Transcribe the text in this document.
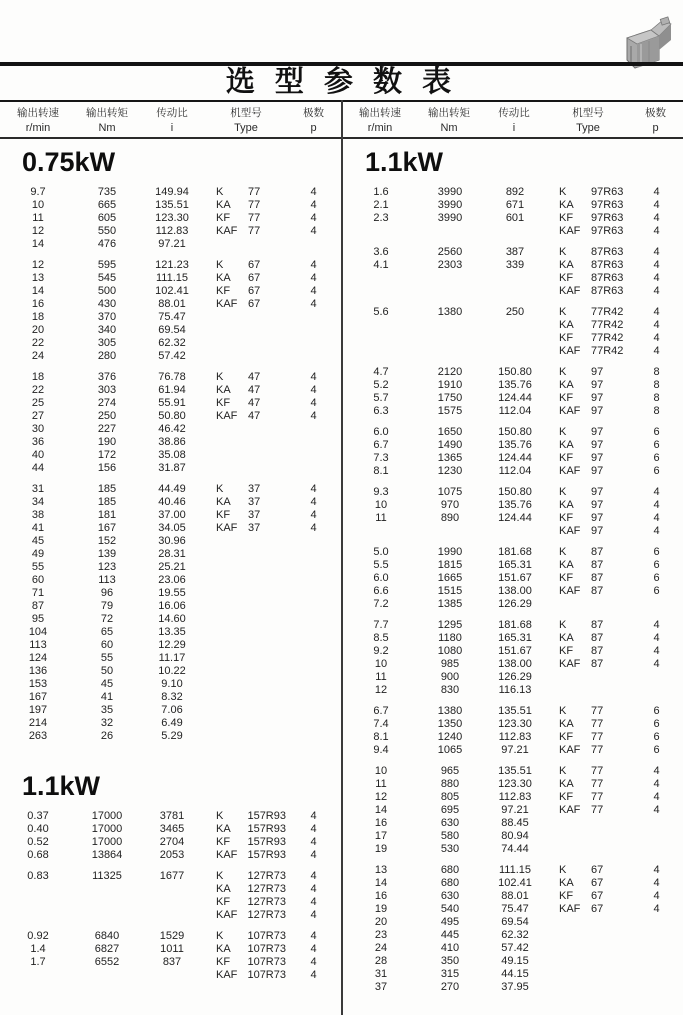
选 型 参 数 表
输出转速
r/min
输出转矩
Nm
传动比
i
机型号
Type
极数
p
输出转速
r/min
输出转矩
Nm
传动比
i
机型号
Type
极数
p
0.75kW
9.7	735	149.94	K	77	4
10	665	135.51	KA	77	4
11	605	123.30	KF	77	4
12	550	112.83	KAF 77	4
14	476	97.21
12	595	121.23	K	67	4
13	545	111.15	KA	67	4
14	500	102.41	KF	67	4
16	430	88.01	KAF 67	4
18	370	75.47
20	340	69.54
22	305	62.32
24	280	57.42
18	376	76.78	K	47	4
22	303	61.94	KA	47	4
25	274	55.91	KF	47	4
27	250	50.80	KAF 47	4
30	227	46.42
36	190	38.86
40	172	35.08
44	156	31.87
31	185	44.49	K	37	4
34	185	40.46	KA	37	4
38	181	37.00	KF	37	4
41	167	34.05	KAF 37	4
45	152	30.96
49	139	28.31
55	123	25.21
60	113	23.06
71	96	19.55
87	79	16.06
95	72	14.60
104	65	13.35
113	60	12.29
124	55	11.17
136	50	10.22
153	45	9.10
167	41	8.32
197	35	7.06
214	32	6.49
263	26	5.29
1.1kW
0.37	17000	3781	K	157R93	4
0.40	17000	3465	KA	157R93	4
0.52	17000	2704	KF	157R93	4
0.68	13864	2053	KAF 157R93	4
0.83	11325	1677	K	127R73	4
KA	127R73	4
KF	127R73	4
KAF 127R73	4
0.92	6840	1529	K	107R73	4
1.4	6827	1011	KA	107R73	4
1.7	6552	837	KF	107R73	4
KAF 107R73	4
1.1kW
1.6	3990	892	K	97R63	4
2.1	3990	671	KA	97R63	4
2.3	3990	601	KF	97R63	4
KAF 97R63	4
3.6	2560	387	K	87R63	4
4.1	2303	339	KA	87R63	4
KF	87R63	4
KAF 87R63	4
5.6	1380	250	K	77R42	4
KA	77R42	4
KF	77R42	4
KAF 77R42	4
4.7	2120	150.80	K	97	8
5.2	1910	135.76	KA	97	8
5.7	1750	124.44	KF	97	8
6.3	1575	112.04	KAF 97	8
6.0	1650	150.80	K	97	6
6.7	1490	135.76	KA	97	6
7.3	1365	124.44	KF	97	6
8.1	1230	112.04	KAF 97	6
9.3	1075	150.80	K	97	4
10	970	135.76	KA	97	4
11	890	124.44	KF	97	4
KAF 97	4
5.0	1990	181.68	K	87	6
5.5	1815	165.31	KA	87	6
6.0	1665	151.67	KF	87	6
6.6	1515	138.00	KAF 87	6
7.2	1385	126.29
7.7	1295	181.68	K	87	4
8.5	1180	165.31	KA	87	4
9.2	1080	151.67	KF	87	4
10	985	138.00	KAF 87	4
11	900	126.29
12	830	116.13
6.7	1380	135.51	K	77	6
7.4	1350	123.30	KA	77	6
8.1	1240	112.83	KF	77	6
9.4	1065	97.21	KAF 77	6
10	965	135.51	K	77	4
11	880	123.30	KA	77	4
12	805	112.83	KF	77	4
14	695	97.21	KAF 77	4
16	630	88.45
17	580	80.94
19	530	74.44
13	680	111.15	K	67	4
14	680	102.41	KA	67	4
16	630	88.01	KF	67	4
19	540	75.47	KAF 67	4
20	495	69.54
23	445	62.32
24	410	57.42
28	350	49.15
31	315	44.15
37	270	37.95
